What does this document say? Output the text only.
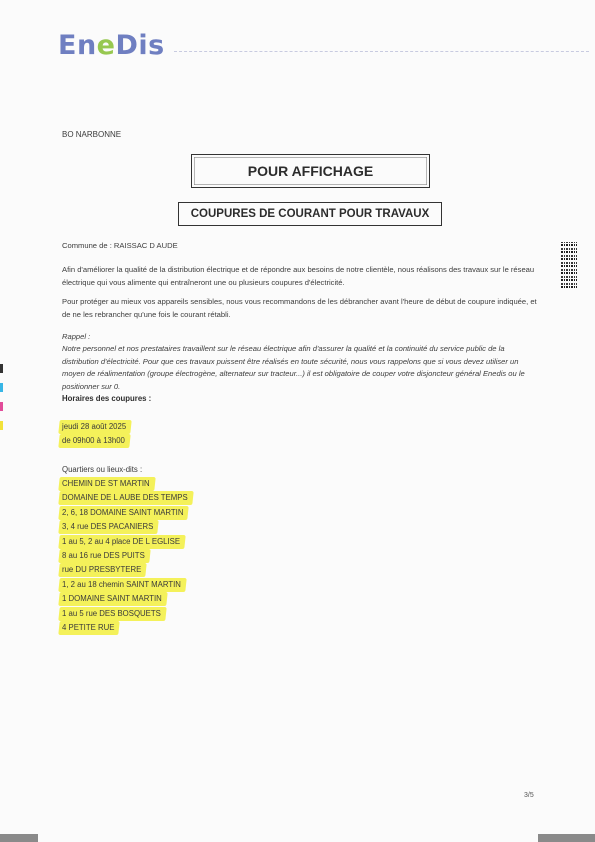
EneDis
BO NARBONNE
POUR AFFICHAGE
COUPURES DE COURANT POUR TRAVAUX
Commune de : RAISSAC D AUDE
Afin d'améliorer la qualité de la distribution électrique et de répondre aux besoins de notre clientèle, nous réalisons des travaux sur le réseau électrique qui vous alimente qui entraîneront une ou plusieurs coupures d'électricité.
Pour protéger au mieux vos appareils sensibles, nous vous recommandons de les débrancher avant l'heure de début de coupure indiquée, et de ne les rebrancher qu'une fois le courant rétabli.
Rappel :
Notre personnel et nos prestataires travaillent sur le réseau électrique afin d'assurer la qualité et la continuité du service public de la distribution d'électricité. Pour que ces travaux puissent être réalisés en toute sécurité, nous vous rappelons que si vous devez utiliser un moyen de réalimentation (groupe électrogène, alternateur sur tracteur...) il est obligatoire de couper votre disjoncteur général Enedis ou le positionner sur 0.
Horaires des coupures :
jeudi 28 août 2025
de 09h00 à 13h00
Quartiers ou lieux-dits :
CHEMIN DE ST MARTIN
DOMAINE DE L AUBE DES TEMPS
2, 6, 18 DOMAINE SAINT MARTIN
3, 4 rue DES PACANIERS
1 au 5, 2 au 4 place DE L EGLISE
8 au 16 rue DES PUITS
rue DU PRESBYTERE
1, 2 au 18 chemin SAINT MARTIN
1 DOMAINE SAINT MARTIN
1 au 5 rue DES BOSQUETS
4 PETITE RUE
3/5
